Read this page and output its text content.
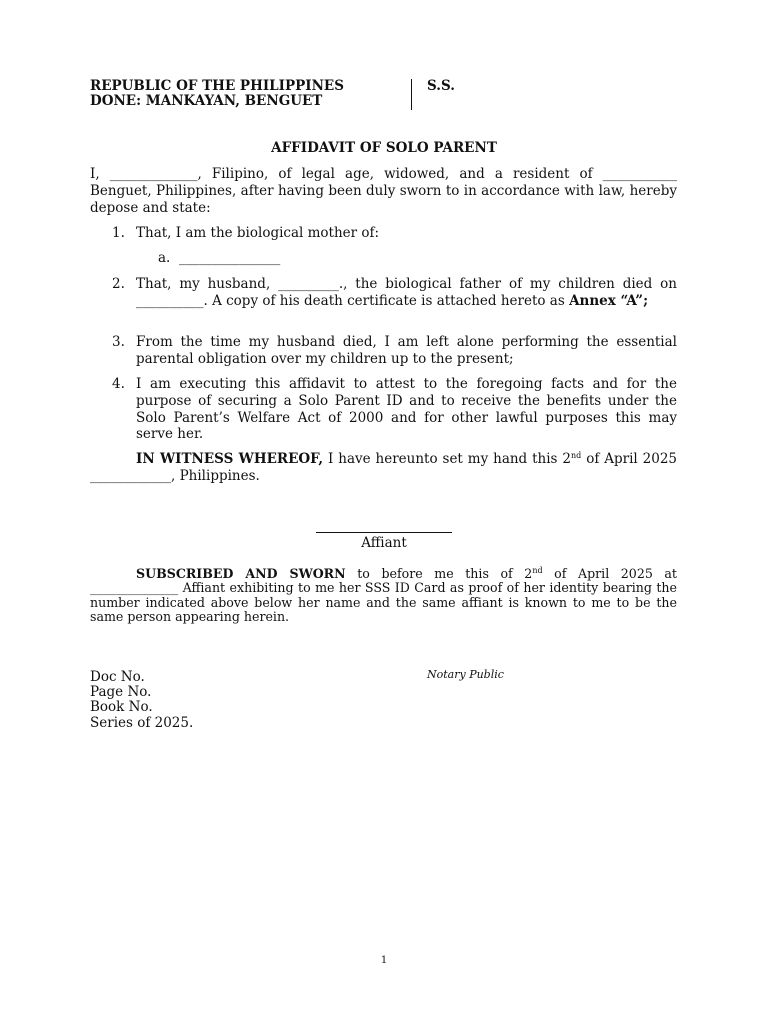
REPUBLIC OF THE PHILIPPINES
DONE: MANKAYAN, BENGUET
S.S.
AFFIDAVIT OF SOLO PARENT
I, _____________, Filipino, of legal age, widowed, and a resident of ___________ Benguet, Philippines, after having been duly sworn to in accordance with law, hereby depose and state:
1. That, I am the biological mother of:
a. _______________
2. That, my husband, _________., the biological father of my children died on __________. A copy of his death certificate is attached hereto as Annex “A”;
3. From the time my husband died, I am left alone performing the essential parental obligation over my children up to the present;
4. I am executing this affidavit to attest to the foregoing facts and for the purpose of securing a Solo Parent ID and to receive the benefits under the Solo Parent’s Welfare Act of 2000 and for other lawful purposes this may serve her.
IN WITNESS WHEREOF, I have hereunto set my hand this 2nd of April 2025 ____________, Philippines.
Affiant
SUBSCRIBED AND SWORN to before me this of 2nd of April 2025 at ______________ Affiant exhibiting to me her SSS ID Card as proof of her identity bearing the number indicated above below her name and the same affiant is known to me to be the same person appearing herein.
Notary Public
Doc No.
Page No.
Book No.
Series of 2025.
1
